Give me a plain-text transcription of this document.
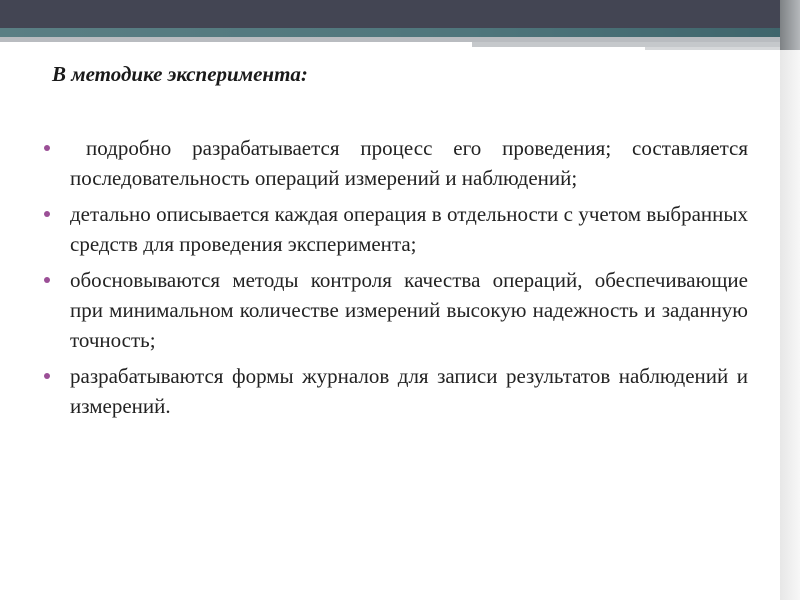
В методике эксперимента:
подробно разрабатывается процесс его проведения; составляется последовательность операций измерений и наблюдений;
детально описывается каждая операция в отдельности с учетом выбранных средств для проведения эксперимента;
обосновываются методы контроля качества операций, обеспечивающие при минимальном количестве измерений высокую надежность и заданную точность;
разрабатываются формы журналов для записи результатов наблюдений и измерений.
